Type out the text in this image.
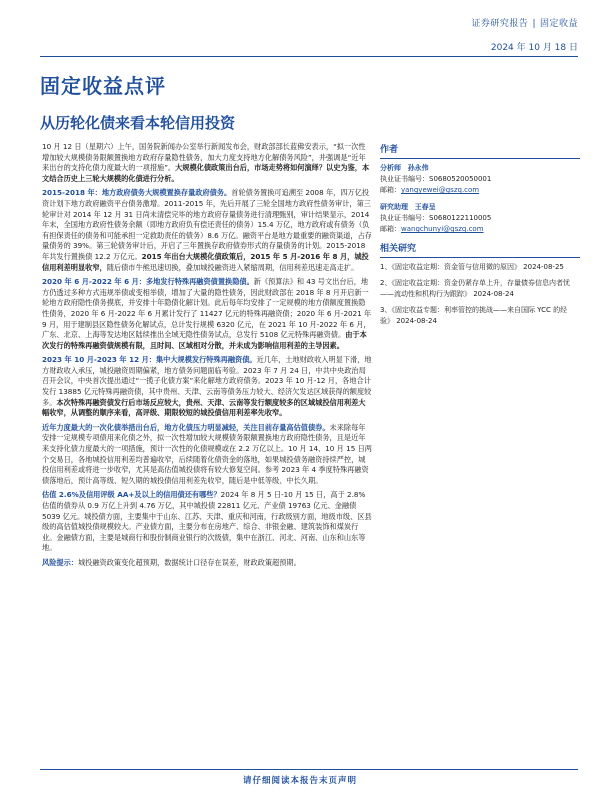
证券研究报告 | 固定收益
2024 年 10 月 18 日
固定收益点评
从历轮化债来看本轮信用投资

10 月 12 日（星期六）上午，国务院新闻办公室举行新闻发布会，财政部部长蓝佛安表示，“拟一次性增加较大规模债务限额置换地方政府存量隐性债务，加大力度支持地方化解债务风险”，并强调是“近年来出台的支持化债力度最大的一项措施”。大规模化债政策出台后，市场走势将如何演绎？以史为鉴，本文结合历史上三轮大规模的化债进行分析。

2015-2018 年：地方政府债务大规模置换存量政府债务。首轮债务置换可追溯至 2008 年，四万亿投资计划下地方政府融资平台债务激增。2011-2015 年，先后开展了三轮全国地方政府性债务审计，第三轮审计对 2014 年 12 月 31 日尚未清偿完毕的地方政府存量债务进行清理甄别，审计结果显示，2014 年末，全国地方政府性债务余额（即地方政府负有偿还责任的债务）15.4 万亿，地方政府或有债务（负有担保责任的债务和可能承担一定救助责任的债务）8.6 万亿。融资平台是地方最重要的融资渠道，占存量债务的 39%。第三轮债务审计后，开启了三年置换存政府债券形式的存量债务的计划。2015-2018 年共发行置换债 12.2 万亿元。2015 年出台大规模化债政策后，2015 年 5 月-2016 年 8 月，城投信用利差明显收窄，随后债市牛熊迅速切换，叠加城投融资进入紧缩周期，信用利差迅速走高走扩。

2020 年 6 月-2022 年 6 月：多地发行特殊再融资债置换隐债。新《预算法》和 43 号文出台后，地方仍透过多种方式违规举债或变相举债，增加了大量的隐性债务，因此财政部在 2018 年 8 月开启新一轮地方政府隐性债务摸底，并安排十年隐债化解计划。此后每年均安排了一定规模的地方债额度置换隐性债务，2020 年 6 月-2022 年 6 月累计发行了 11427 亿元的特殊再融资债；2020 年 6 月-2021 年 9 月，用于建制县区隐性债务化解试点，总计发行规模 6320 亿元，在 2021 年 10 月-2022 年 6 月，广东、北京、上海等发达地区陆续推出全域无隐性债务试点，总发行 5108 亿元特殊再融资债。由于本次发行的特殊再融资债规模有限，且时间、区域相对分散，并未成为影响信用利差的主导因素。

2023 年 10 月-2023 年 12 月：集中大规模发行特殊再融资债。近几年，土地财政收入明显下滑，地方财政收入承压，城投融资周期偏紧，地方债务问题面临考验。2023 年 7 月 24 日，中共中央政治局召开会议，中央首次提出通过“一揽子化债方案”来化解地方政府债务。2023 年 10 月-12 月，各地合计发行 13885 亿元特殊再融资债，其中贵州、天津、云南等债务压力较大、经济欠发达区域获得的额度较多。本次特殊再融资债发行后市场反应较大，贵州、天津、云南等发行额度较多的区域城投信用利差大幅收窄，从调整的顺序来看，高评级、期限较短的城投债信用利差率先收窄。

近年力度最大的一次化债举措出台后，地方化债压力明显减轻，关注目前存量高估值债券。未来除每年安排一定规模专项债用来化债之外，拟一次性增加较大规模债务限额置换地方政府隐性债务，且是近年来支持化债力度最大的一项措施，预计一次性的化债规模或在 2.2 万亿以上。10 月 14、10 月 15 日两个交易日，各地城投信用利差均普遍收窄，后续随着化债资金的落地，如果城投债务融资持续严控，城投信用利差或将进一步收窄，尤其是高估值城投债将有较大修复空间。参考 2023 年 4 季度特殊再融资债落地后，预计高等级、短久期的城投债信用利差先收窄，随后是中低等级、中长久期。

估值 2.6%及信用评级 AA+及以上的信用债还有哪些？2024 年 8 月 5 日-10 月 15 日，高于 2.8%估值的债券从 0.9 万亿上升到 4.76 万亿，其中城投债 22811 亿元、产业债 19763 亿元、金融债 5039 亿元。城投债方面，主要集中于山东、江苏、天津、重庆和河南，行政级别方面，地级市级、区县级的高估值城投债规模较大。产业债方面，主要分布在房地产、综合、非银金融、建筑装饰和煤炭行业。金融债方面，主要是城商行和股份制商业银行的次级债，集中在浙江、河北、河南、山东和山东等地。

风险提示：城投融资政策变化超预期，数据统计口径存在误差，财政政策超预期。

作者
分析师 孙永伟
执业证书编号：S0680520050001
邮箱：yangyewei@gszq.com
研究助理 王春呈
执业证书编号：S0680122110005
邮箱：wangchunyi@gszq.com
相关研究
1、《固定收益定期：资金管与信用微的原因》 2024-08-25
2、《固定收益定期：资金仍紧存单上升，存量债券信息内者忧——流动性和机构行为跟踪》 2024-08-24
3、《固定收益专题：利率管控的挑战——来自国际 YCC 的经验》 2024-08-24
请仔细阅读本报告末页声明
